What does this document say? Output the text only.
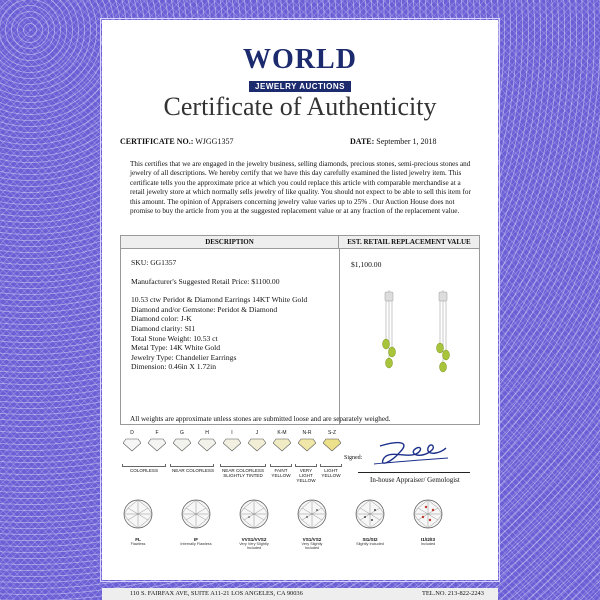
WORLD
JEWELRY AUCTIONS
Certificate of Authenticity
CERTIFICATE NO.: WJGG1357	DATE: September 1, 2018
This certifies that we are engaged in the jewelry business, selling diamonds, precious stones, semi-precious stones and jewelry of all descriptions. We hereby certify that we have this day carefully examined the listed jewelry item. This certificate tells you the approximate price at which you could replace this article with comparable merchandise at a retail jewelry store at which normally sells jewelry of like quality. You should not expect to be able to sell this item for this amount. The opinion of Appraisers concerning jewelry value varies up to 25% . Our Auction House does not promise to buy the article from you at the suggested replacement value or at any fraction of the replacement value.
DESCRIPTION	EST. RETAIL REPLACEMENT VALUE
SKU: GG1357
Manufacturer's Suggested Retail Price: $1100.00
10.53 ctw Peridot & Diamond Earrings 14KT White Gold
Diamond and/or Gemstone: Peridot & Diamond
Diamond color: J-K
Diamond clarity: SI1
Total Stone Weight: 10.53 ct
Metal Type: 14K White Gold
Jewelry Type: Chandelier Earrings
Dimension: 0.46in X 1.72in
$1,100.00
All weights are approximate unless stones are submitted loose and are separately weighed.
D	F	G	H	I	J	K-M	N-R	S-Z
COLORLESS	NEAR COLORLESS	NEAR COLORLESS SLIGHTLY TINTED
FAINT YELLOW
VERY LIGHT YELLOW
LIGHT YELLOW
Signed:
In-house Appraiser/ Gemologist
FL
Flawless
IF
Internally Flawless
VVS1/VVS2
Very Very Slightly Included
VS1/VS2
Very Slightly Included
SI1/SI2
Slightly Included
I1/I2/I3
Included
110 S. FAIRFAX AVE, SUITE A11-21 LOS ANGELES, CA 90036	TEL.NO. 213-822-2243
